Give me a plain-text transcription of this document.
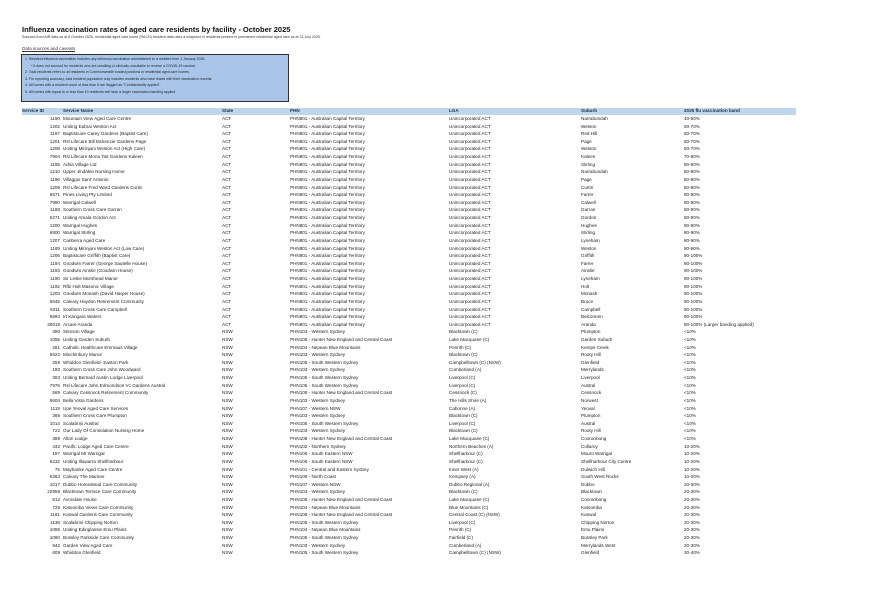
Influenza vaccination rates of aged care residents by facility - October 2025
Sourced from AIR data as at 8 October 2025, residential aged care home (RACH) resident data uses a snapshot of residents present in permanent residential aged care as at 31 July 2025.
Data sources and caveats
1. Resident influenza vaccination includes any influenza vaccination administered to a resident from 1 January 2025.
* It does not account for residents who are unwilling or clinically unsuitable to receive a COVID-19 vaccine.
2. Total residents refers to all residents in Commonwealth funded positions in residential aged care homes.
3. For reporting accuracy, total resident population only includes residents who have linked with their vaccination records.
4. All homes with a resident count of less than 5 are flagged as "Confidentiality applied".
5. All homes with equal to or less than 10 residents will have a larger vaccination banding applied.
Service ID	Service Name	State	PHN	LGA	Suburb	2025 flu vaccination band
1190 Mountain View Aged Care Centre	ACT	PHN801 - Australian Capital Territory	Unincorporated ACT	Narrabundah	40-50%
1202 Uniting Eabrai Weston Act	ACT	PHN801 - Australian Capital Territory	Unincorporated ACT	Weston	60-70%
1197 Baptistcare Carey Gardens (Baptist Care)	ACT	PHN801 - Australian Capital Territory	Unincorporated ACT	Red Hill	60-70%
1201 Rsl Lifecare Bill Mckenzie Gardens Page	ACT	PHN801 - Australian Capital Territory	Unincorporated ACT	Page	60-70%
1208 Uniting Mirinjani Weston Act (High Care)	ACT	PHN801 - Australian Capital Territory	Unincorporated ACT	Weston	60-70%
7904 Rsl Lifecare Mona Tait Gardens Kaleen	ACT	PHN801 - Australian Capital Territory	Unincorporated ACT	Kaleen	70-80%
1195 Adria Village Ltd	ACT	PHN801 - Australian Capital Territory	Unincorporated ACT	Stirling	80-90%
1210 Upper Jindalee Nursing Home	ACT	PHN801 - Australian Capital Territory	Unincorporated ACT	Narrabundah	80-90%
1196 Villaggio Sant' Antonio	ACT	PHN801 - Australian Capital Territory	Unincorporated ACT	Page	80-90%
1209 Rsl Lifecare Fred Ward Gardens Curtin	ACT	PHN801 - Australian Capital Territory	Unincorporated ACT	Curtin	80-90%
6571 Pines Living Pty Limited	ACT	PHN801 - Australian Capital Territory	Unincorporated ACT	Farrer	80-90%
7990 Warrigal Calwell	ACT	PHN801 - Australian Capital Territory	Unincorporated ACT	Calwell	80-90%
1188 Southern Cross Care Garran	ACT	PHN801 - Australian Capital Territory	Unincorporated ACT	Garran	80-90%
6271 Uniting Amala Gordon Act	ACT	PHN801 - Australian Capital Territory	Unincorporated ACT	Gordon	80-90%
1200 Warrigal Hughes	ACT	PHN801 - Australian Capital Territory	Unincorporated ACT	Hughes	80-90%
6800 Warrigal Stirling	ACT	PHN801 - Australian Capital Territory	Unincorporated ACT	Stirling	80-90%
1207 Canberra Aged Care	ACT	PHN801 - Australian Capital Territory	Unincorporated ACT	Lyneham	80-90%
1189 Uniting Mirinjani Weston Act (Low Care)	ACT	PHN801 - Australian Capital Territory	Unincorporated ACT	Weston	80-90%
1206 Baptistcare Griffith (Baptist Care)	ACT	PHN801 - Australian Capital Territory	Unincorporated ACT	Griffith	90-100%
1194 Goodwin Farrer (George Sautelle House)	ACT	PHN801 - Australian Capital Territory	Unincorporated ACT	Farrer	90-100%
1193 Goodwin Ainslie (Goodwin House)	ACT	PHN801 - Australian Capital Territory	Unincorporated ACT	Ainslie	90-100%
1190 Sir Leslie Morshead Manor	ACT	PHN801 - Australian Capital Territory	Unincorporated ACT	Lyneham	90-100%
1192 Rfbi Holt Masonic Village	ACT	PHN801 - Australian Capital Territory	Unincorporated ACT	Holt	90-100%
1203 Goodwin Monash (David Harper House)	ACT	PHN801 - Australian Capital Territory	Unincorporated ACT	Monash	90-100%
5646 Calvary Haydon Retirement Community	ACT	PHN801 - Australian Capital Territory	Unincorporated ACT	Bruce	90-100%
6311 Southern Cross Care Campbell	ACT	PHN801 - Australian Capital Territory	Unincorporated ACT	Campbell	90-100%
5893 Irt Kangara Waters	ACT	PHN801 - Australian Capital Territory	Unincorporated ACT	Belconnen	90-100%
30619 Arcare Aranda	ACT	PHN801 - Australian Capital Territory	Unincorporated ACT	Aranda	80-100% (Larger banding applied)
390 Stimson Village	NSW	PHN103 - Western Sydney	Blacktown (C)	Plumpton	<10%
1055 Uniting Garden Suburb	NSW	PHN108 - Hunter New England and Central Coast	Lake Macquarie (C)	Garden Suburb	<10%
281 Catholic Healthcare Emmaus Village	NSW	PHN104 - Nepean Blue Mountains	Penrith (C)	Kemps Creek	<10%
5523 Minchinbury Manor	NSW	PHN103 - Western Sydney	Blacktown (C)	Rooty Hill	<10%
259 Whiddon Glenfield- Easton Park	NSW	PHN105 - South Western Sydney	Campbelltown (C) (NSW)	Glenfield	<10%
180 Southern Cross Care John Woodward	NSW	PHN103 - Western Sydney	Cumberland (A)	Merrylands	<10%
363 Uniting Bernard Austin Lodge Liverpool	NSW	PHN105 - South Western Sydney	Liverpool (C)	Liverpool	<10%
7976 Rsl Lifecare John Edmondson Vc Gardens Austral	NSW	PHN105 - South Western Sydney	Liverpool (C)	Austral	<10%
569 Calvary Cessnock Retirement Community	NSW	PHN108 - Hunter New England and Central Coast	Cessnock (C)	Cessnock	<10%
6604 Bella Vista Gardens	NSW	PHN103 - Western Sydney	The Hills Shire (A)	Norwest	<10%
1119 Upe Yeoval Aged Care Services	NSW	PHN107 - Western NSW	Cabonne (A)	Yeoval	<10%
368 Southern Cross Care Plumpton	NSW	PHN103 - Western Sydney	Blacktown (C)	Plumpton	<10%
1014 Scalabrini Austral	NSW	PHN105 - South Western Sydney	Liverpool (C)	Austral	<10%
722 Our Lady Of Consolation Nursing Home	NSW	PHN103 - Western Sydney	Blacktown (C)	Rooty Hill	<10%
389 Alton Lodge	NSW	PHN108 - Hunter New England and Central Coast	Lake Macquarie (C)	Cooranbong	<10%
432 Pacific Lodge Aged Care Centre	NSW	PHN102 - Northern Sydney	Northern Beaches (A)	Collaroy	10-20%
197 Warrigal Mt Warrigal	NSW	PHN106 - South Eastern NSW	Shellharbour (C)	Mount Warrigal	10-20%
6232 Uniting Illawarra Shellharbour	NSW	PHN106 - South Eastern NSW	Shellharbour (C)	Shellharbour City Centre	10-20%
75 Maybanke Aged Care Centre	NSW	PHN101 - Central and Eastern Sydney	Inner West (A)	Dulwich Hill	10-20%
6363 Calvary The Mariner	NSW	PHN109 - North Coast	Kempsey (A)	South West Rocks	10-20%
1017 Dubbo Homestead Care Community	NSW	PHN107 - Western NSW	Dubbo Regional (A)	Dubbo	20-30%
22959 Blacktown Terrace Care Community	NSW	PHN103 - Western Sydney	Blacktown (C)	Blacktown	20-30%
812 Avondale House	NSW	PHN108 - Hunter New England and Central Coast	Lake Macquarie (C)	Cooranbong	20-30%
725 Katoomba Views Care Community	NSW	PHN104 - Nepean Blue Mountains	Blue Mountains (C)	Katoomba	20-30%
1161 Kanwal Gardens Care Community	NSW	PHN108 - Hunter New England and Central Coast	Central Coast (C) (NSW)	Kanwal	20-30%
1138 Scalabrini Chipping Norton	NSW	PHN105 - South Western Sydney	Liverpool (C)	Chipping Norton	20-30%
1059 Uniting Edinglassie Emu Plains	NSW	PHN104 - Nepean Blue Mountains	Penrith (C)	Emu Plains	20-30%
1060 Bossley Parkside Care Community	NSW	PHN105 - South Western Sydney	Fairfield (C)	Bossley Park	20-30%
942 Garden View Aged Care	NSW	PHN103 - Western Sydney	Cumberland (A)	Merrylands West	20-30%
609 Whiddon Glenfield	NSW	PHN105 - South Western Sydney	Campbelltown (C) (NSW)	Glenfield	30-40%
